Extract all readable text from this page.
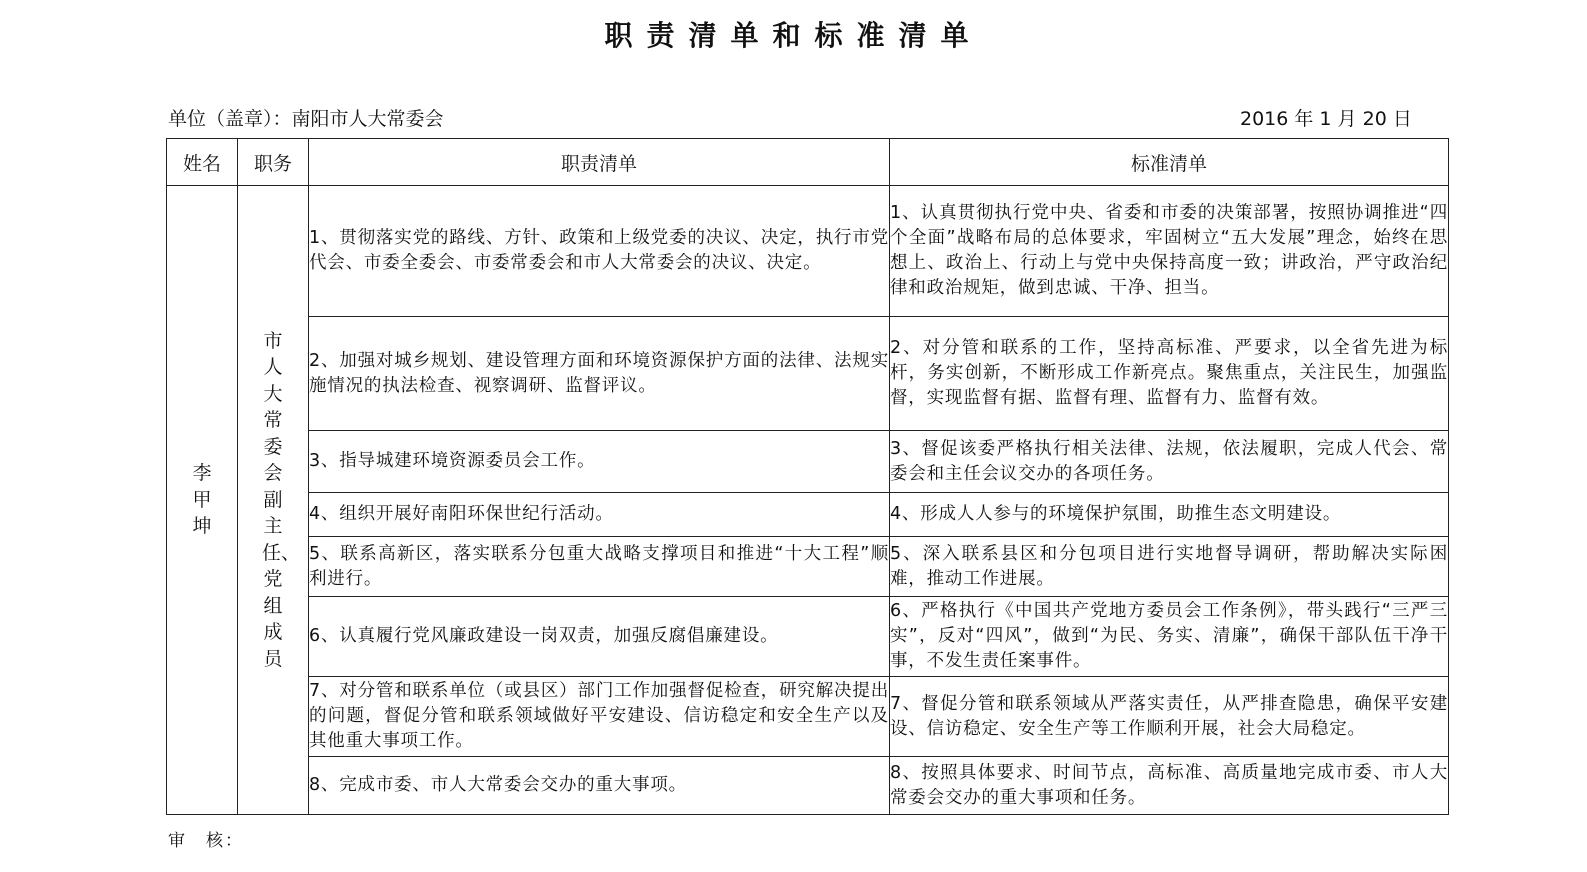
职责清单和标准清单
单位（盖章）：南阳市人大常委会	2016 年 1 月 20 日
姓名	职务	职责清单	标准清单
李甲坤	市人大常委会副主任、党组成员	1、贯彻落实党的路线、方针、政策和上级党委的决议、决定，执行市党代会、市委全委会、市委常委会和市人大常委会的决议、决定。	1、认真贯彻执行党中央、省委和市委的决策部署，按照协调推进“四个全面”战略布局的总体要求，牢固树立“五大发展”理念，始终在思想上、政治上、行动上与党中央保持高度一致；讲政治，严守政治纪律和政治规矩，做到忠诚、干净、担当。
		2、加强对城乡规划、建设管理方面和环境资源保护方面的法律、法规实施情况的执法检查、视察调研、监督评议。	2、对分管和联系的工作，坚持高标准、严要求，以全省先进为标杆，务实创新，不断形成工作新亮点。聚焦重点，关注民生，加强监督，实现监督有据、监督有理、监督有力、监督有效。
		3、指导城建环境资源委员会工作。	3、督促该委严格执行相关法律、法规，依法履职，完成人代会、常委会和主任会议交办的各项任务。
		4、组织开展好南阳环保世纪行活动。	4、形成人人参与的环境保护氛围，助推生态文明建设。
		5、联系高新区，落实联系分包重大战略支撑项目和推进“十大工程”顺利进行。	5、深入联系县区和分包项目进行实地督导调研，帮助解决实际困难，推动工作进展。
		6、认真履行党风廉政建设一岗双责，加强反腐倡廉建设。	6、严格执行《中国共产党地方委员会工作条例》，带头践行“三严三实”，反对“四风”，做到“为民、务实、清廉”，确保干部队伍干净干事，不发生责任案事件。
		7、对分管和联系单位（或县区）部门工作加强督促检查，研究解决提出的问题，督促分管和联系领域做好平安建设、信访稳定和安全生产以及其他重大事项工作。	7、督促分管和联系领域从严落实责任，从严排查隐患，确保平安建设、信访稳定、安全生产等工作顺利开展，社会大局稳定。
		8、完成市委、市人大常委会交办的重大事项。	8、按照具体要求、时间节点，高标准、高质量地完成市委、市人大常委会交办的重大事项和任务。
审　核：
